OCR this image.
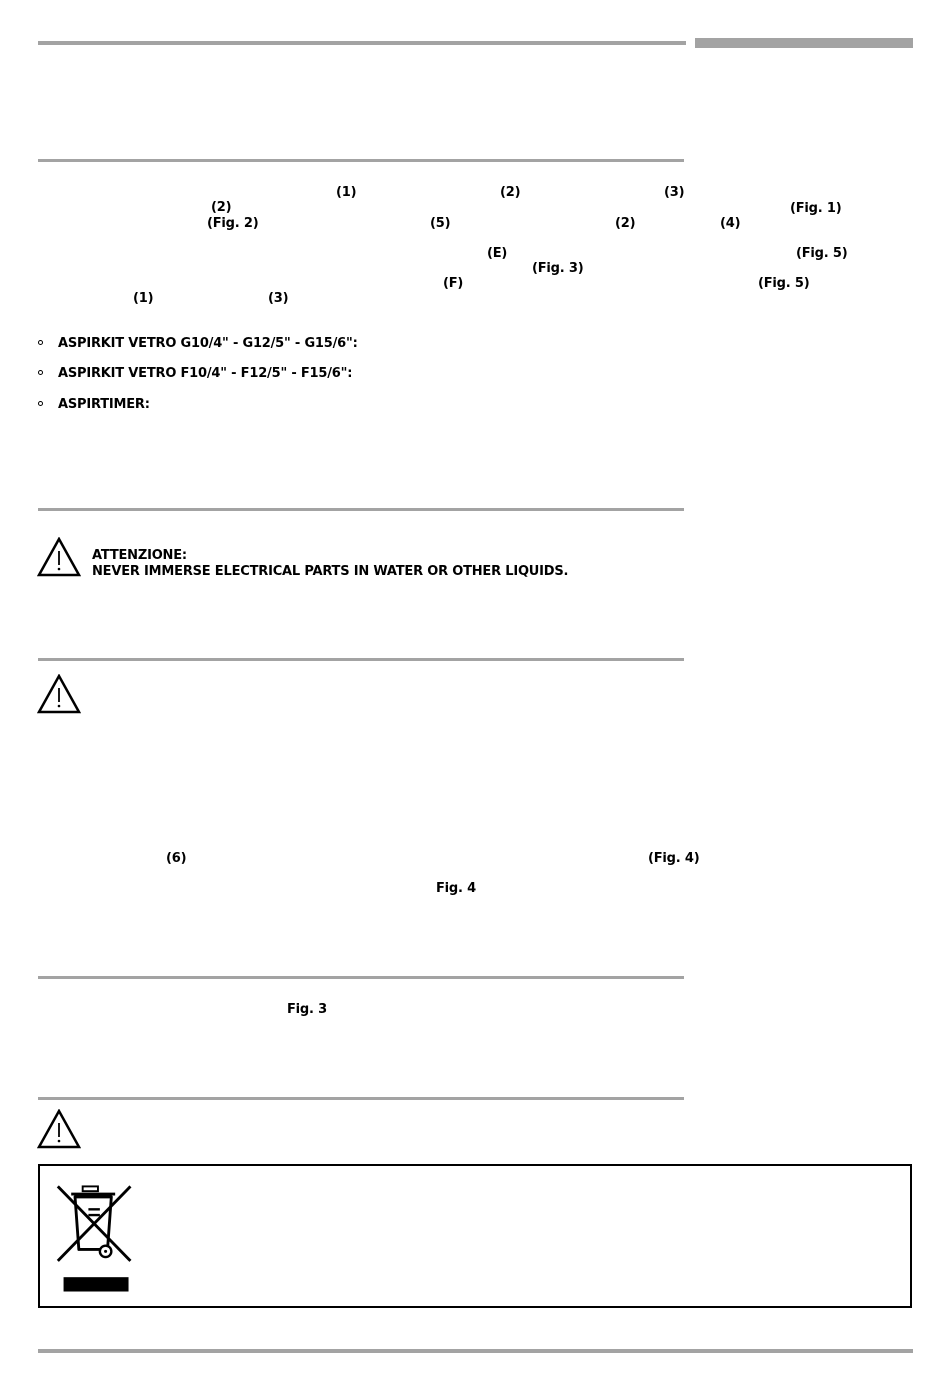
(1)	(2)	(3)
(2)	(Fig. 1)
(Fig. 2)	(5)	(2)	(4)
(E)	(Fig. 5)
(Fig. 3)
(F)	(Fig. 5)
(1)	(3)
ASPIRKIT VETRO G10/4" - G12/5" - G15/6":
ASPIRKIT VETRO F10/4" - F12/5" - F15/6":
ASPIRTIMER:
ATTENZIONE:
NEVER IMMERSE ELECTRICAL PARTS IN WATER OR OTHER LIQUIDS.
(6)	(Fig. 4)
Fig. 4
Fig. 3
